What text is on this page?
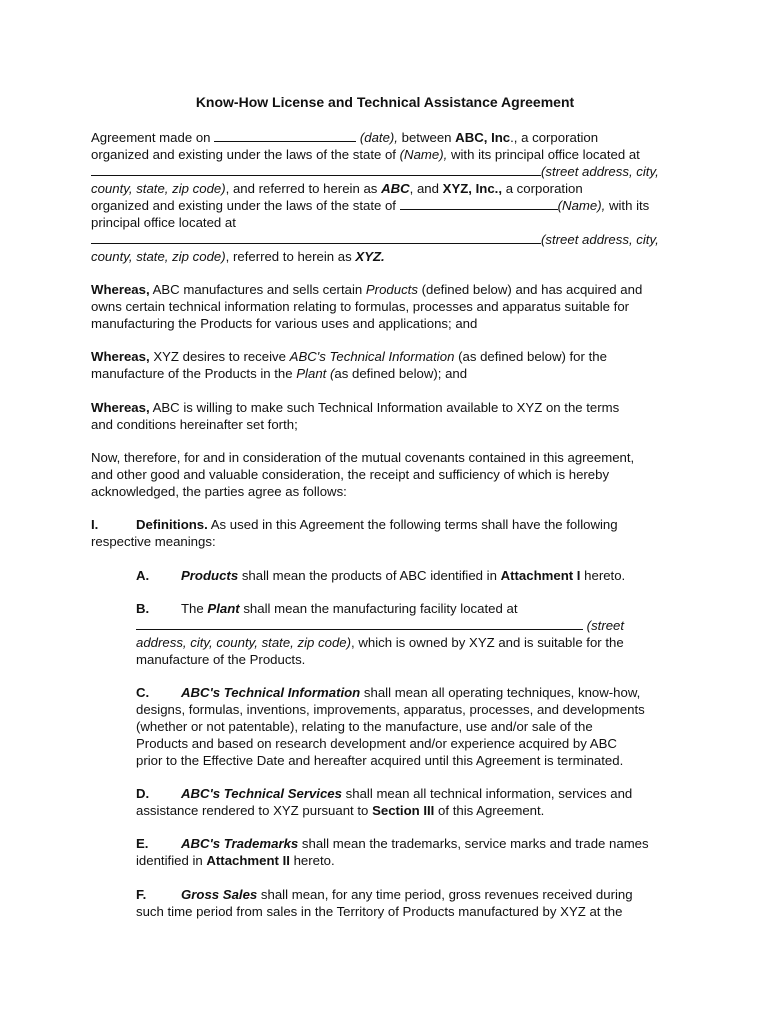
Know-How License and Technical Assistance Agreement
Agreement made on	(date), between ABC, Inc., a corporation
organized and existing under the laws of the state of (Name), with its principal office located at
(street address, city,
county, state, zip code), and referred to herein as ABC, and XYZ, Inc., a corporation
organized and existing under the laws of the state of	(Name), with its
principal office located at
(street address, city,
county, state, zip code), referred to herein as XYZ.
Whereas, ABC manufactures and sells certain Products (defined below) and has acquired and
owns certain technical information relating to formulas, processes and apparatus suitable for
manufacturing the Products for various uses and applications; and
Whereas, XYZ desires to receive ABC's Technical Information (as defined below) for the
manufacture of the Products in the Plant (as defined below); and
Whereas, ABC is willing to make such Technical Information available to XYZ on the terms
and conditions hereinafter set forth;
Now, therefore, for and in consideration of the mutual covenants contained in this agreement,
and other good and valuable consideration, the receipt and sufficiency of which is hereby
acknowledged, the parties agree as follows:
I.	Definitions. As used in this Agreement the following terms shall have the following
respective meanings:
A. Products shall mean the products of ABC identified in Attachment I hereto.
B. The Plant shall mean the manufacturing facility located at
(street
address, city, county, state, zip code), which is owned by XYZ and is suitable for the
manufacture of the Products.
C. ABC's Technical Information shall mean all operating techniques, know-how,
designs, formulas, inventions, improvements, apparatus, processes, and developments
(whether or not patentable), relating to the manufacture, use and/or sale of the
Products and based on research development and/or experience acquired by ABC
prior to the Effective Date and hereafter acquired until this Agreement is terminated.
D. ABC's Technical Services shall mean all technical information, services and
assistance rendered to XYZ pursuant to Section III of this Agreement.
E. ABC's Trademarks shall mean the trademarks, service marks and trade names
identified in Attachment II hereto.
F.	Gross Sales shall mean, for any time period, gross revenues received during
such time period from sales in the Territory of Products manufactured by XYZ at the
